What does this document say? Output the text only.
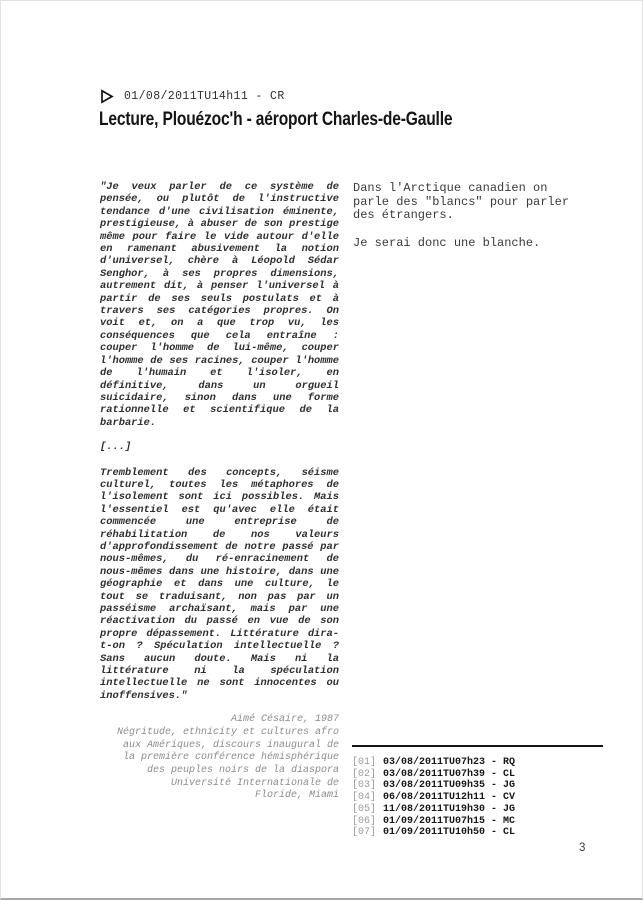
01/08/2011TU14h11 - CR
Lecture, Plouézoc'h - aéroport Charles-de-Gaulle

"Je veux parler de ce système de pensée, ou plutôt de l'instructive tendance d'une civilisation éminente, prestigieuse, à abuser de son prestige même pour faire le vide autour d'elle en ramenant abusivement la notion d'universel, chère à Léopold Sédar Senghor, à ses propres dimensions, autrement dit, à penser l'universel à partir de ses seuls postulats et à travers ses catégories propres. On voit et, on a que trop vu, les conséquences que cela entraîne : couper l'homme de lui-même, couper l'homme de ses racines, couper l'homme de l'humain et l'isoler, en définitive, dans un orgueil suicidaire, sinon dans une forme rationnelle et scientifique de la barbarie.

[...]

Tremblement des concepts, séisme culturel, toutes les métaphores de l'isolement sont ici possibles. Mais l'essentiel est qu'avec elle était commencée une entreprise de réhabilitation de nos valeurs d'approfondissement de notre passé par nous-mêmes, du ré-enracinement de nous-mêmes dans une histoire, dans une géographie et dans une culture, le tout se traduisant, non pas par un passéisme archaïsant, mais par une réactivation du passé en vue de son propre dépassement. Littérature dira-t-on ? Spéculation intellectuelle ? Sans aucun doute. Mais ni la littérature ni la spéculation intellectuelle ne sont innocentes ou inoffensives."

Aimé Césaire, 1987
Négritude, ethnicity et cultures afro
aux Amériques, discours inaugural de
la première conférence hémisphérique
des peuples noirs de la diaspora
Université Internationale de
Floride, Miami

Dans l'Arctique canadien on parle des "blancs" pour parler des étrangers.

Je serai donc une blanche.

[01] 03/08/2011TU07h23 - RQ
[02] 03/08/2011TU07h39 - CL
[03] 03/08/2011TU09h35 - JG
[04] 06/08/2011TU12h11 - CV
[05] 11/08/2011TU19h30 - JG
[06] 01/09/2011TU07h15 - MC
[07] 01/09/2011TU10h50 - CL
3
